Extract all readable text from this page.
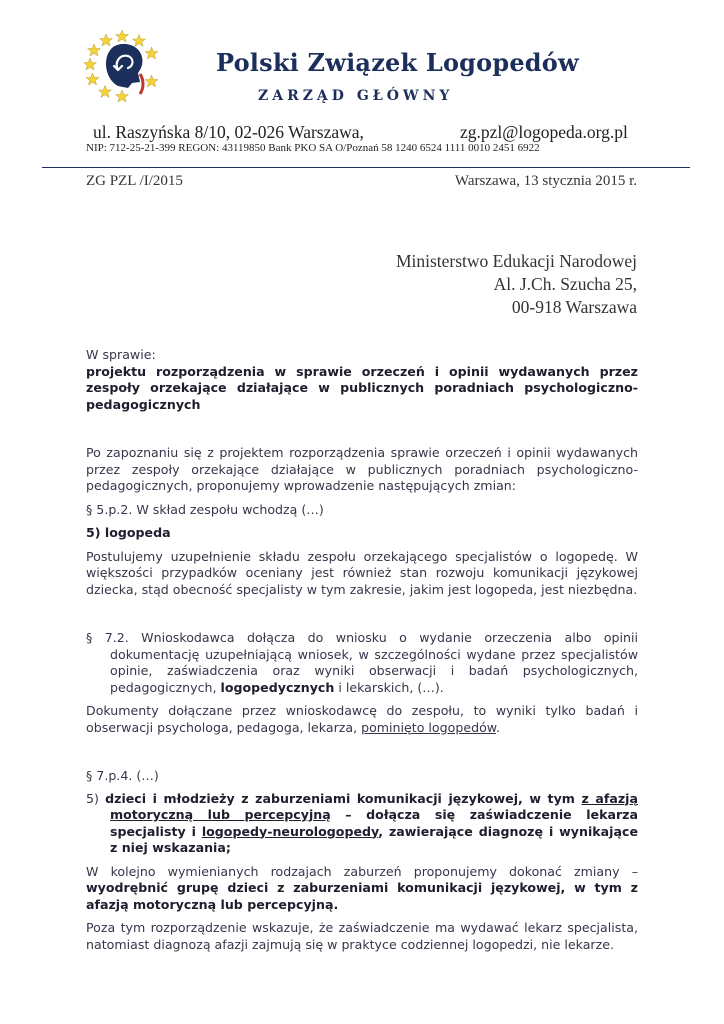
Polski Związek Logopedów
ZARZĄD GŁÓWNY
ul. Raszyńska 8/10, 02-026 Warszawa,	zg.pzl@logopeda.org.pl
NIP: 712-25-21-399 REGON: 43119850 Bank PKO SA O/Poznań 58 1240 6524 1111 0010 2451 6922
ZG PZL /I/2015	Warszawa, 13 stycznia 2015 r.
Ministerstwo Edukacji Narodowej
Al. J.Ch. Szucha 25,
00-918 Warszawa

W sprawie:

projektu rozporządzenia w sprawie orzeczeń i opinii wydawanych przez zespoły orzekające działające w publicznych poradniach psychologiczno-pedagogicznych

Po zapoznaniu się z projektem rozporządzenia sprawie orzeczeń i opinii wydawanych przez zespoły orzekające działające w publicznych poradniach psychologiczno-pedagogicznych, proponujemy wprowadzenie następujących zmian:

§ 5.p.2. W skład zespołu wchodzą (…)

5) logopeda

Postulujemy uzupełnienie składu zespołu orzekającego specjalistów o logopedę. W większości przypadków oceniany jest również stan rozwoju komunikacji językowej dziecka, stąd obecność specjalisty w tym zakresie, jakim jest logopeda, jest niezbędna.

§ 7.2. Wnioskodawca dołącza do wniosku o wydanie orzeczenia albo opinii dokumentację uzupełniającą wniosek, w szczególności wydane przez specjalistów opinie, zaświadczenia oraz wyniki obserwacji i badań psychologicznych, pedagogicznych, logopedycznych i lekarskich, (…).

Dokumenty dołączane przez wnioskodawcę do zespołu, to wyniki tylko badań i obserwacji psychologa, pedagoga, lekarza, pominięto logopedów.

§ 7.p.4. (…)

5) dzieci i młodzieży z zaburzeniami komunikacji językowej, w tym z afazją motoryczną lub percepcyjną – dołącza się zaświadczenie lekarza specjalisty i logopedy-neurologopedy, zawierające diagnozę i wynikające z niej wskazania;

W kolejno wymienianych rodzajach zaburzeń proponujemy dokonać zmiany – wyodrębnić grupę dzieci z zaburzeniami komunikacji językowej, w tym z afazją motoryczną lub percepcyjną.

Poza tym rozporządzenie wskazuje, że zaświadczenie ma wydawać lekarz specjalista, natomiast diagnozą afazji zajmują się w praktyce codziennej logopedzi, nie lekarze.
